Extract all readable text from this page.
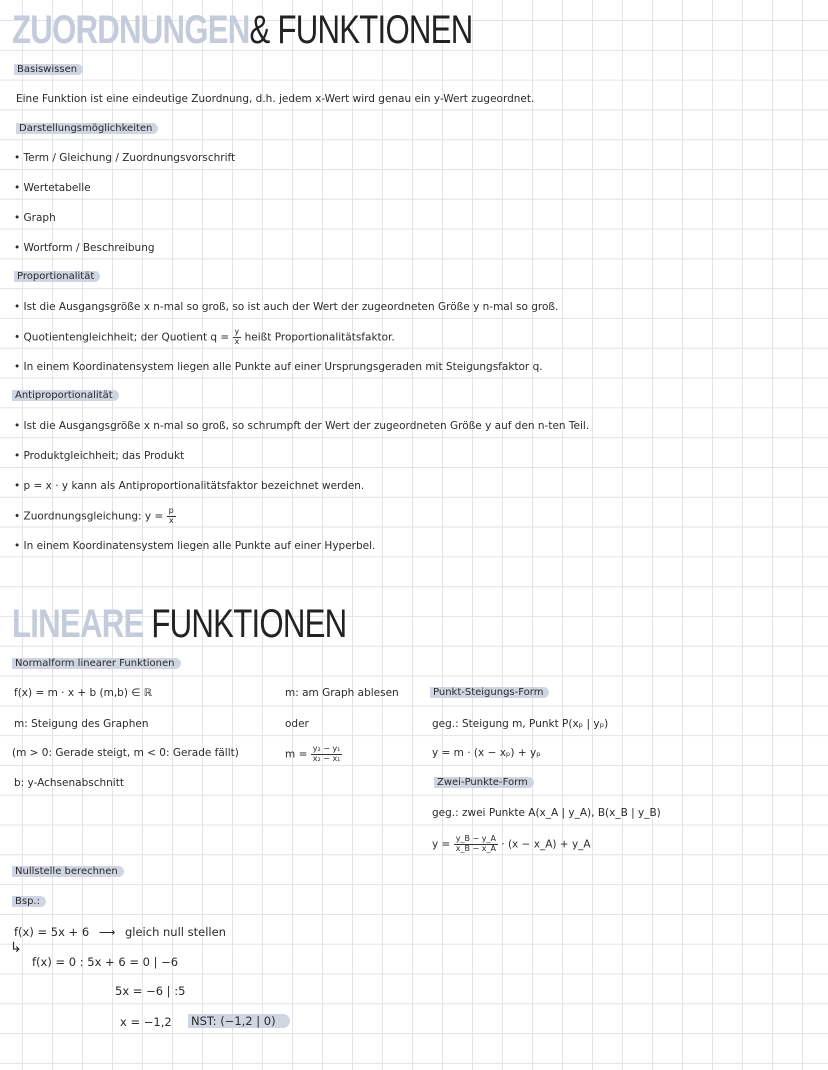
ZUORDNUNGEN& FUNKTIONEN
Basiswissen
Eine Funktion ist eine eindeutige Zuordnung, d.h. jedem x-Wert wird genau ein y-Wert zugeordnet.
Darstellungsmöglichkeiten
• Term / Gleichung / Zuordnungsvorschrift
• Wertetabelle
• Graph
• Wortform / Beschreibung
Proportionalität
• Ist die Ausgangsgröße x n-mal so groß, so ist auch der Wert der zugeordneten Größe y n-mal so groß.
• Quotientengleichheit; der Quotient $q = \frac{y}{x}$ heißt Proportionalitätsfaktor.
• In einem Koordinatensystem liegen alle Punkte auf einer Ursprungsgeraden mit Steigungsfaktor q.
Antiproportionalität
• Ist die Ausgangsgröße x n-mal so groß, so schrumpft der Wert der zugeordneten Größe y auf den n-ten Teil.
• Produktgleichheit; das Produkt
• p = x · y kann als Antiproportionalitätsfaktor bezeichnet werden.
• Zuordnungsgleichung: $y = \frac{p}{x}$
• In einem Koordinatensystem liegen alle Punkte auf einer Hyperbel.
LINEARE FUNKTIONEN
Normalform linearer Funktionen
f(x) = m · x + b (m,b) ∈ ℝ
m: Steigung des Graphen
(m > 0: Gerade steigt, m < 0: Gerade fällt)
b: y-Achsenabschnitt
m: am Graph ablesen
oder
$m = \frac{\text{y₂ − y₁}}{\text{x₂ − x₁}}$
Punkt-Steigungs-Form
geg.: Steigung m, Punkt P(xₚ | yₚ)
y = m · (x − xₚ) + yₚ
Zwei-Punkte-Form
geg.: zwei Punkte A(x_A | y_A), B(x_B | y_B)
$y = \frac{y\_B - y\_A}{x\_B - x\_A} \cdot (x$ − x_A) + y_A
Nullstelle berechnen
Bsp.:
f(x) = 5x + 6 ⟶ gleich null stellen
↳
f(x) = 0 : 5x + 6 = 0 | −6
5x = −6 | :5
x = −1,2 NST: (−1,2 | 0)
